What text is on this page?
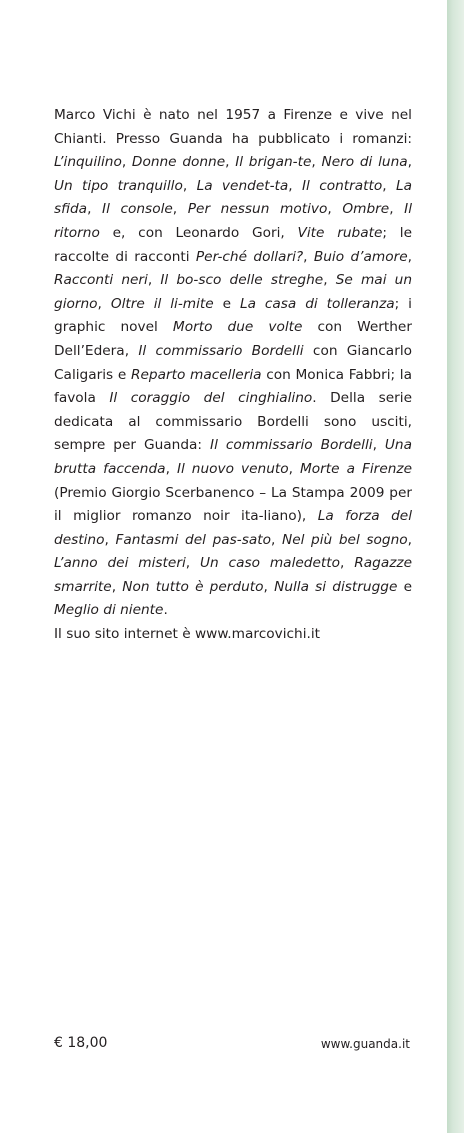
Marco Vichi è nato nel 1957 a Firenze e vive nel Chianti. Presso Guanda ha pubblicato i romanzi: L’inquilino, Donne donne, Il brigan-te, Nero di luna, Un tipo tranquillo, La vendet-ta, Il contratto, La sfida, Il console, Per nessun motivo, Ombre, Il ritorno e, con Leonardo Gori, Vite rubate; le raccolte di racconti Per-ché dollari?, Buio d’amore, Racconti neri, Il bo-sco delle streghe, Se mai un giorno, Oltre il li-mite e La casa di tolleranza; i graphic novel Morto due volte con Werther Dell’Edera, Il commissario Bordelli con Giancarlo Caligaris e Reparto macelleria con Monica Fabbri; la favola Il coraggio del cinghialino. Della serie dedicata al commissario Bordelli sono usciti, sempre per Guanda: Il commissario Bordelli, Una brutta faccenda, Il nuovo venuto, Morte a Firenze (Premio Giorgio Scerbanenco – La Stampa 2009 per il miglior romanzo noir ita-liano), La forza del destino, Fantasmi del pas-sato, Nel più bel sogno, L’anno dei misteri, Un caso maledetto, Ragazze smarrite, Non tutto è perduto, Nulla si distrugge e Meglio di niente.
Il suo sito internet è www.marcovichi.it

€ 18,00	www.guanda.it
